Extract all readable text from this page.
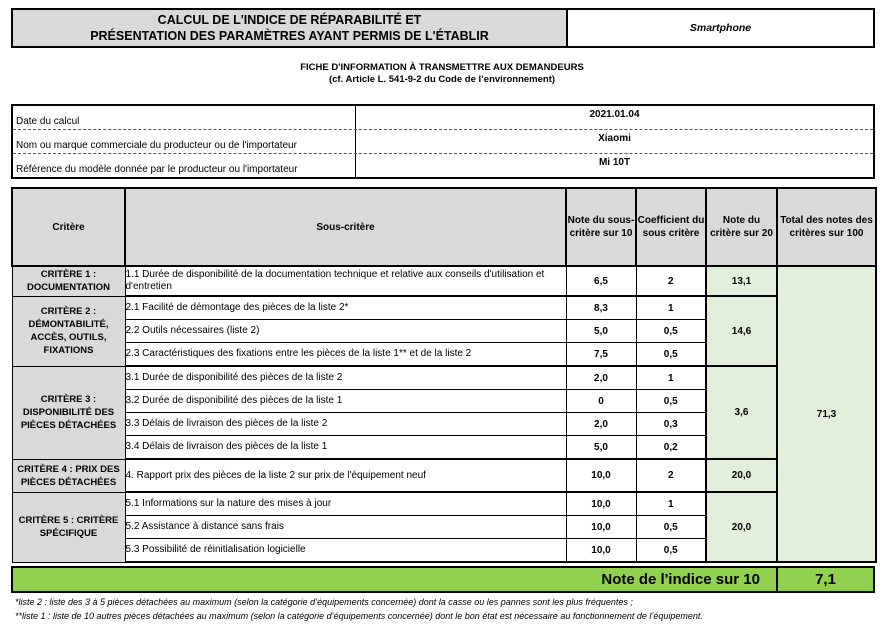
CALCUL DE L'INDICE DE RÉPARABILITÉ ET
PRÉSENTATION DES PARAMÈTRES AYANT PERMIS DE L'ÉTABLIR
Smartphone
FICHE D'INFORMATION À TRANSMETTRE AUX DEMANDEURS
(cf. Article L. 541-9-2 du Code de l’environnement)
Date du calcul
2021.01.04
Nom ou marque commerciale du producteur ou de l'importateur
Xiaomi
Référence du modèle donnée par le producteur ou l'importateur
Mi 10T
Critère	Sous-critère	Note du sous-critère sur 10	Coefficient du sous critère	Note du critère sur 20	Total des notes des critères sur 100
CRITÈRE 1 : DOCUMENTATION	1.1 Durée de disponibilité de la documentation technique et relative aux conseils d'utilisation et d'entretien	6,5	2	13,1	71,3
CRITÈRE 2 : DÉMONTABILITÉ, ACCÈS, OUTILS, FIXATIONS	2.1 Facilité de démontage des pièces de la liste 2*	8,3	1	14,6	
	2.2 Outils nécessaires (liste 2)	5,0	0,5		
	2.3 Caractéristiques des fixations entre les pièces de la liste 1** et de la liste 2	7,5	0,5		
CRITÈRE 3 : DISPONIBILITÉ DES PIÈCES DÉTACHÉES	3.1 Durée de disponibilité des pièces de la liste 2	2,0	1	3,6	
	3.2 Durée de disponibilité des pièces de la liste 1	0	0,5		
	3.3 Délais de livraison des pièces de la liste 2	2,0	0,3		
	3.4 Délais de livraison des pièces de la liste 1	5,0	0,2		
CRITÈRE 4 : PRIX DES PIÈCES DÉTACHÉES	4. Rapport prix des pièces de la liste 2 sur prix de l'équipement neuf	10,0	2	20,0	
CRITÈRE 5 : CRITÈRE SPÉCIFIQUE	5.1 Informations sur la nature des mises à jour	10,0	1	20,0	
	5.2 Assistance à distance sans frais	10,0	0,5		
	5.3 Possibilité de réinitialisation logicielle	10,0	0,5		
Note de l'indice sur 10	7,1
*liste 2 : liste des 3 à 5 pièces détachées au maximum (selon la catégorie d’équipements concernée) dont la casse ou les pannes sont les plus fréquentes ;
**liste 1 : liste de 10 autres pièces détachées au maximum (selon la catégorie d’équipements concernée) dont le bon état est nécessaire au fonctionnement de l’équipement.
